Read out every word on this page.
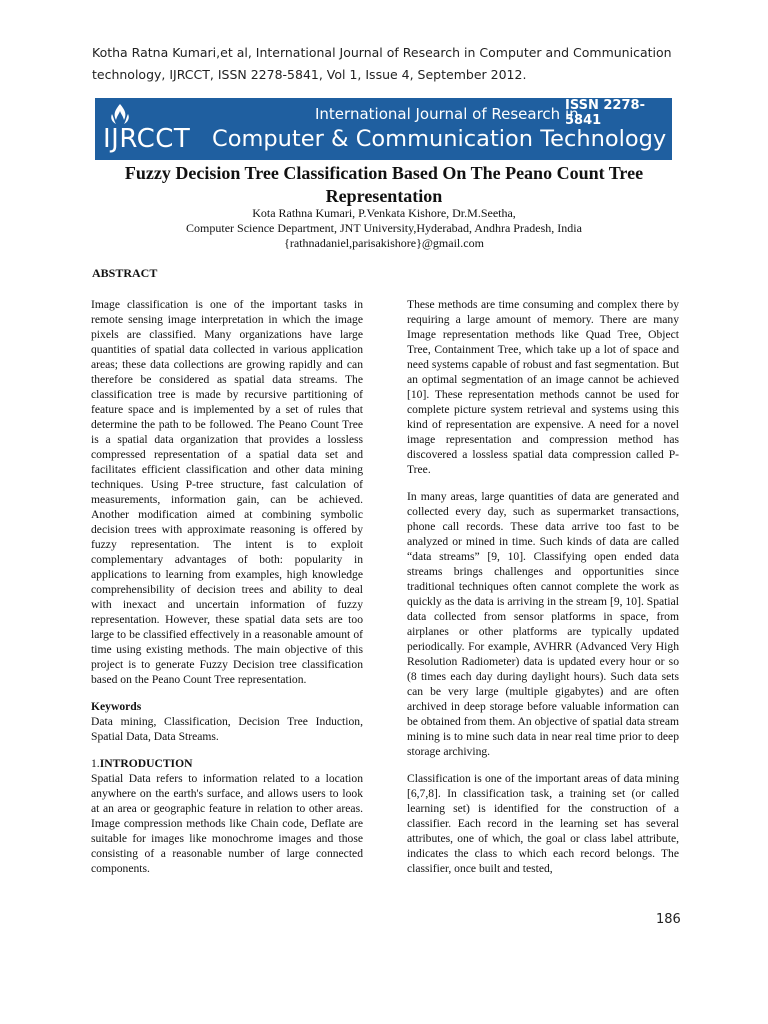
Kotha Ratna Kumari,et al, International Journal of Research in Computer and Communication
technology, IJRCCT, ISSN 2278-5841, Vol 1, Issue 4, September 2012.
IJRCCT
International Journal of Research in
ISSN 2278-5841
Computer & Communication Technology
Fuzzy Decision Tree Classification Based On The Peano Count Tree
Representation
Kota Rathna Kumari, P.Venkata Kishore, Dr.M.Seetha,
Computer Science Department, JNT University,Hyderabad, Andhra Pradesh, India
{rathnadaniel,parisakishore}@gmail.com
ABSTRACT

Image classification is one of the important tasks in remote sensing image interpretation in which the image pixels are classified. Many organizations have large quantities of spatial data collected in various application areas; these data collections are growing rapidly and can therefore be considered as spatial data streams. The classification tree is made by recursive partitioning of feature space and is implemented by a set of rules that determine the path to be followed. The Peano Count Tree is a spatial data organization that provides a lossless compressed representation of a spatial data set and facilitates efficient classification and other data mining techniques. Using P-tree structure, fast calculation of measurements, information gain, can be achieved. Another modification aimed at combining symbolic decision trees with approximate reasoning is offered by fuzzy representation. The intent is to exploit complementary advantages of both: popularity in applications to learning from examples, high knowledge comprehensibility of decision trees and ability to deal with inexact and uncertain information of fuzzy representation. However, these spatial data sets are too large to be classified effectively in a reasonable amount of time using existing methods. The main objective of this project is to generate Fuzzy Decision tree classification based on the Peano Count Tree representation.

Keywords

Data mining, Classification, Decision Tree Induction, Spatial Data, Data Streams.

1.INTRODUCTION

Spatial Data refers to information related to a location anywhere on the earth's surface, and allows users to look at an area or geographic feature in relation to other areas. Image compression methods like Chain code, Deflate are suitable for images like monochrome images and those consisting of a reasonable number of large connected components.

These methods are time consuming and complex there by requiring a large amount of memory. There are many Image representation methods like Quad Tree, Object Tree, Containment Tree, which take up a lot of space and need systems capable of robust and fast segmentation. But an optimal segmentation of an image cannot be achieved [10]. These representation methods cannot be used for complete picture system retrieval and systems using this kind of representation are expensive. A need for a novel image representation and compression method has discovered a lossless spatial data compression called P-Tree.

In many areas, large quantities of data are generated and collected every day, such as supermarket transactions, phone call records. These data arrive too fast to be analyzed or mined in time. Such kinds of data are called “data streams” [9, 10]. Classifying open ended data streams brings challenges and opportunities since traditional techniques often cannot complete the work as quickly as the data is arriving in the stream [9, 10]. Spatial data collected from sensor platforms in space, from airplanes or other platforms are typically updated periodically. For example, AVHRR (Advanced Very High Resolution Radiometer) data is updated every hour or so (8 times each day during daylight hours). Such data sets can be very large (multiple gigabytes) and are often archived in deep storage before valuable information can be obtained from them. An objective of spatial data stream mining is to mine such data in near real time prior to deep storage archiving.

Classification is one of the important areas of data mining [6,7,8]. In classification task, a training set (or called learning set) is identified for the construction of a classifier. Each record in the learning set has several attributes, one of which, the goal or class label attribute, indicates the class to which each record belongs. The classifier, once built and tested,

186
